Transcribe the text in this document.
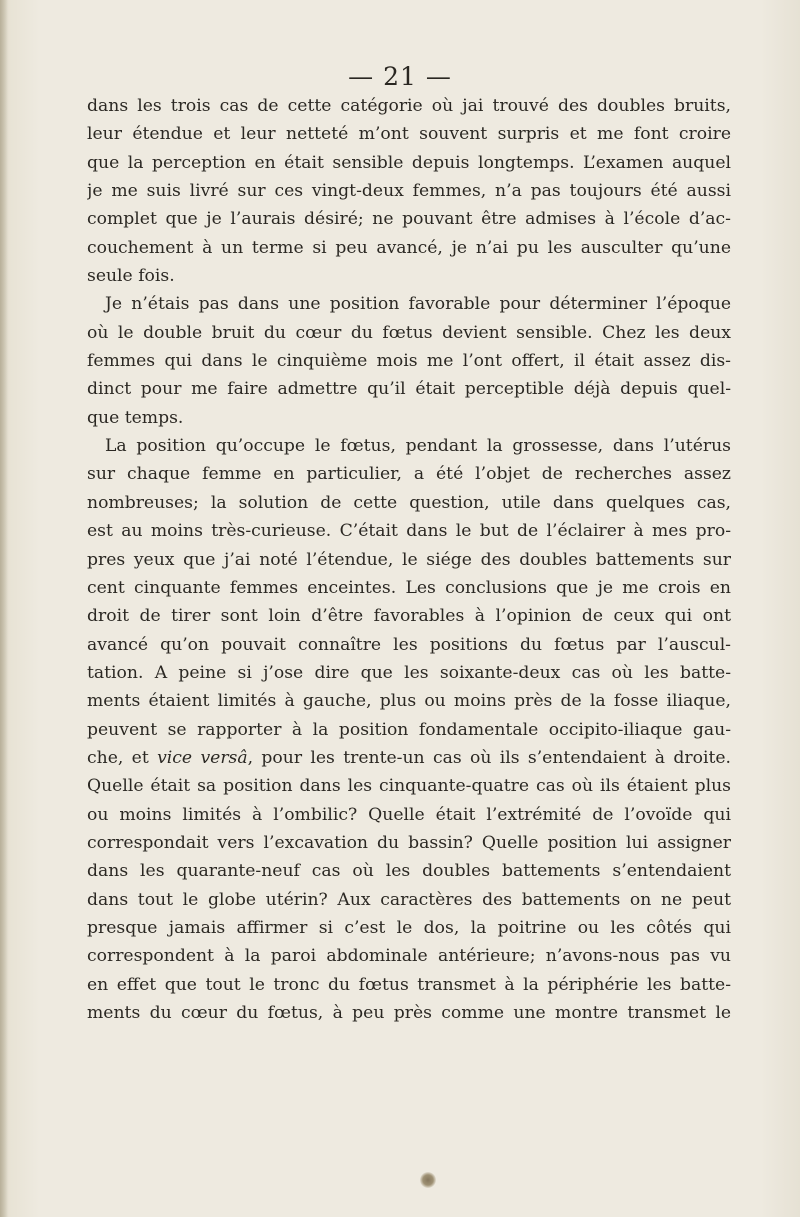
— 21 —
dans les trois cas de cette catégorie où jai trouvé des doubles bruits,
leur étendue et leur netteté m’ont souvent surpris et me font croire
que la perception en était sensible depuis longtemps. L’examen auquel
je me suis livré sur ces vingt-deux femmes, n’a pas toujours été aussi
complet que je l’aurais désiré; ne pouvant être admises à l’école d’ac-
couchement à un terme si peu avancé, je n’ai pu les ausculter qu’une
seule fois.
Je n’étais pas dans une position favorable pour déterminer l’époque
où le double bruit du cœur du fœtus devient sensible. Chez les deux
femmes qui dans le cinquième mois me l’ont offert, il était assez dis-
dinct pour me faire admettre qu’il était perceptible déjà depuis quel-
que temps.
La position qu’occupe le fœtus, pendant la grossesse, dans l’utérus
sur chaque femme en particulier, a été l’objet de recherches assez
nombreuses; la solution de cette question, utile dans quelques cas,
est au moins très-curieuse. C’était dans le but de l’éclairer à mes pro-
pres yeux que j’ai noté l’étendue, le siége des doubles battements sur
cent cinquante femmes enceintes. Les conclusions que je me crois en
droit de tirer sont loin d’être favorables à l’opinion de ceux qui ont
avancé qu’on pouvait connaître les positions du fœtus par l’auscul-
tation. A peine si j’ose dire que les soixante-deux cas où les batte-
ments étaient limités à gauche, plus ou moins près de la fosse iliaque,
peuvent se rapporter à la position fondamentale occipito-iliaque gau-
che, et vice versâ, pour les trente-un cas où ils s’entendaient à droite.
Quelle était sa position dans les cinquante-quatre cas où ils étaient plus
ou moins limités à l’ombilic? Quelle était l’extrémité de l’ovoïde qui
correspondait vers l’excavation du bassin? Quelle position lui assigner
dans les quarante-neuf cas où les doubles battements s’entendaient
dans tout le globe utérin? Aux caractères des battements on ne peut
presque jamais affirmer si c’est le dos, la poitrine ou les côtés qui
correspondent à la paroi abdominale antérieure; n’avons-nous pas vu
en effet que tout le tronc du fœtus transmet à la périphérie les batte-
ments du cœur du fœtus, à peu près comme une montre transmet le
